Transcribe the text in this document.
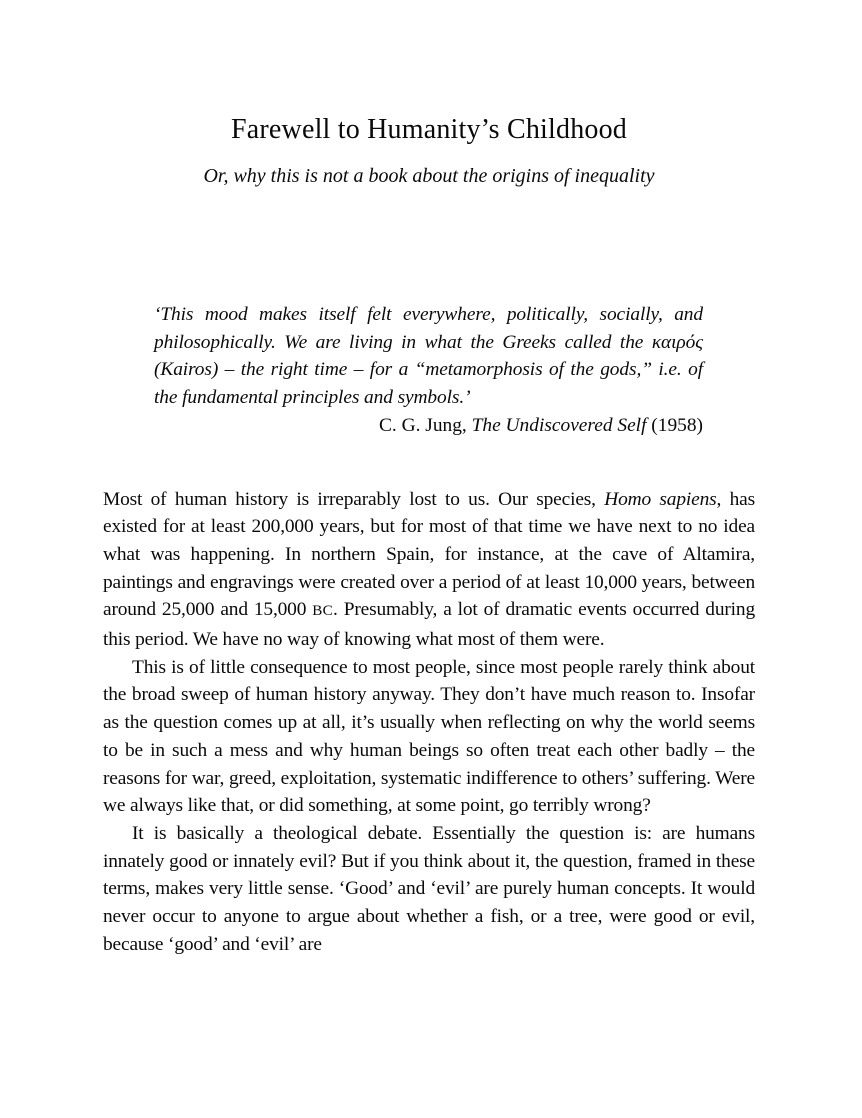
Farewell to Humanity’s Childhood
Or, why this is not a book about the origins of inequality
‘This mood makes itself felt everywhere, politically, socially, and philosophically. We are living in what the Greeks called the καιρός (Kairos) – the right time – for a “metamorphosis of the gods,” i.e. of the fundamental principles and symbols.’
C. G. Jung, The Undiscovered Self (1958)

Most of human history is irreparably lost to us. Our species, Homo sapiens, has existed for at least 200,000 years, but for most of that time we have next to no idea what was happening. In northern Spain, for instance, at the cave of Altamira, paintings and engravings were created over a period of at least 10,000 years, between around 25,000 and 15,000 BC. Presumably, a lot of dramatic events occurred during this period. We have no way of knowing what most of them were.

This is of little consequence to most people, since most people rarely think about the broad sweep of human history anyway. They don’t have much reason to. Insofar as the question comes up at all, it’s usually when reflecting on why the world seems to be in such a mess and why human beings so often treat each other badly – the reasons for war, greed, exploitation, systematic indifference to others’ suffering. Were we always like that, or did something, at some point, go terribly wrong?

It is basically a theological debate. Essentially the question is: are humans innately good or innately evil? But if you think about it, the question, framed in these terms, makes very little sense. ‘Good’ and ‘evil’ are purely human concepts. It would never occur to anyone to argue about whether a fish, or a tree, were good or evil, because ‘good’ and ‘evil’ are
